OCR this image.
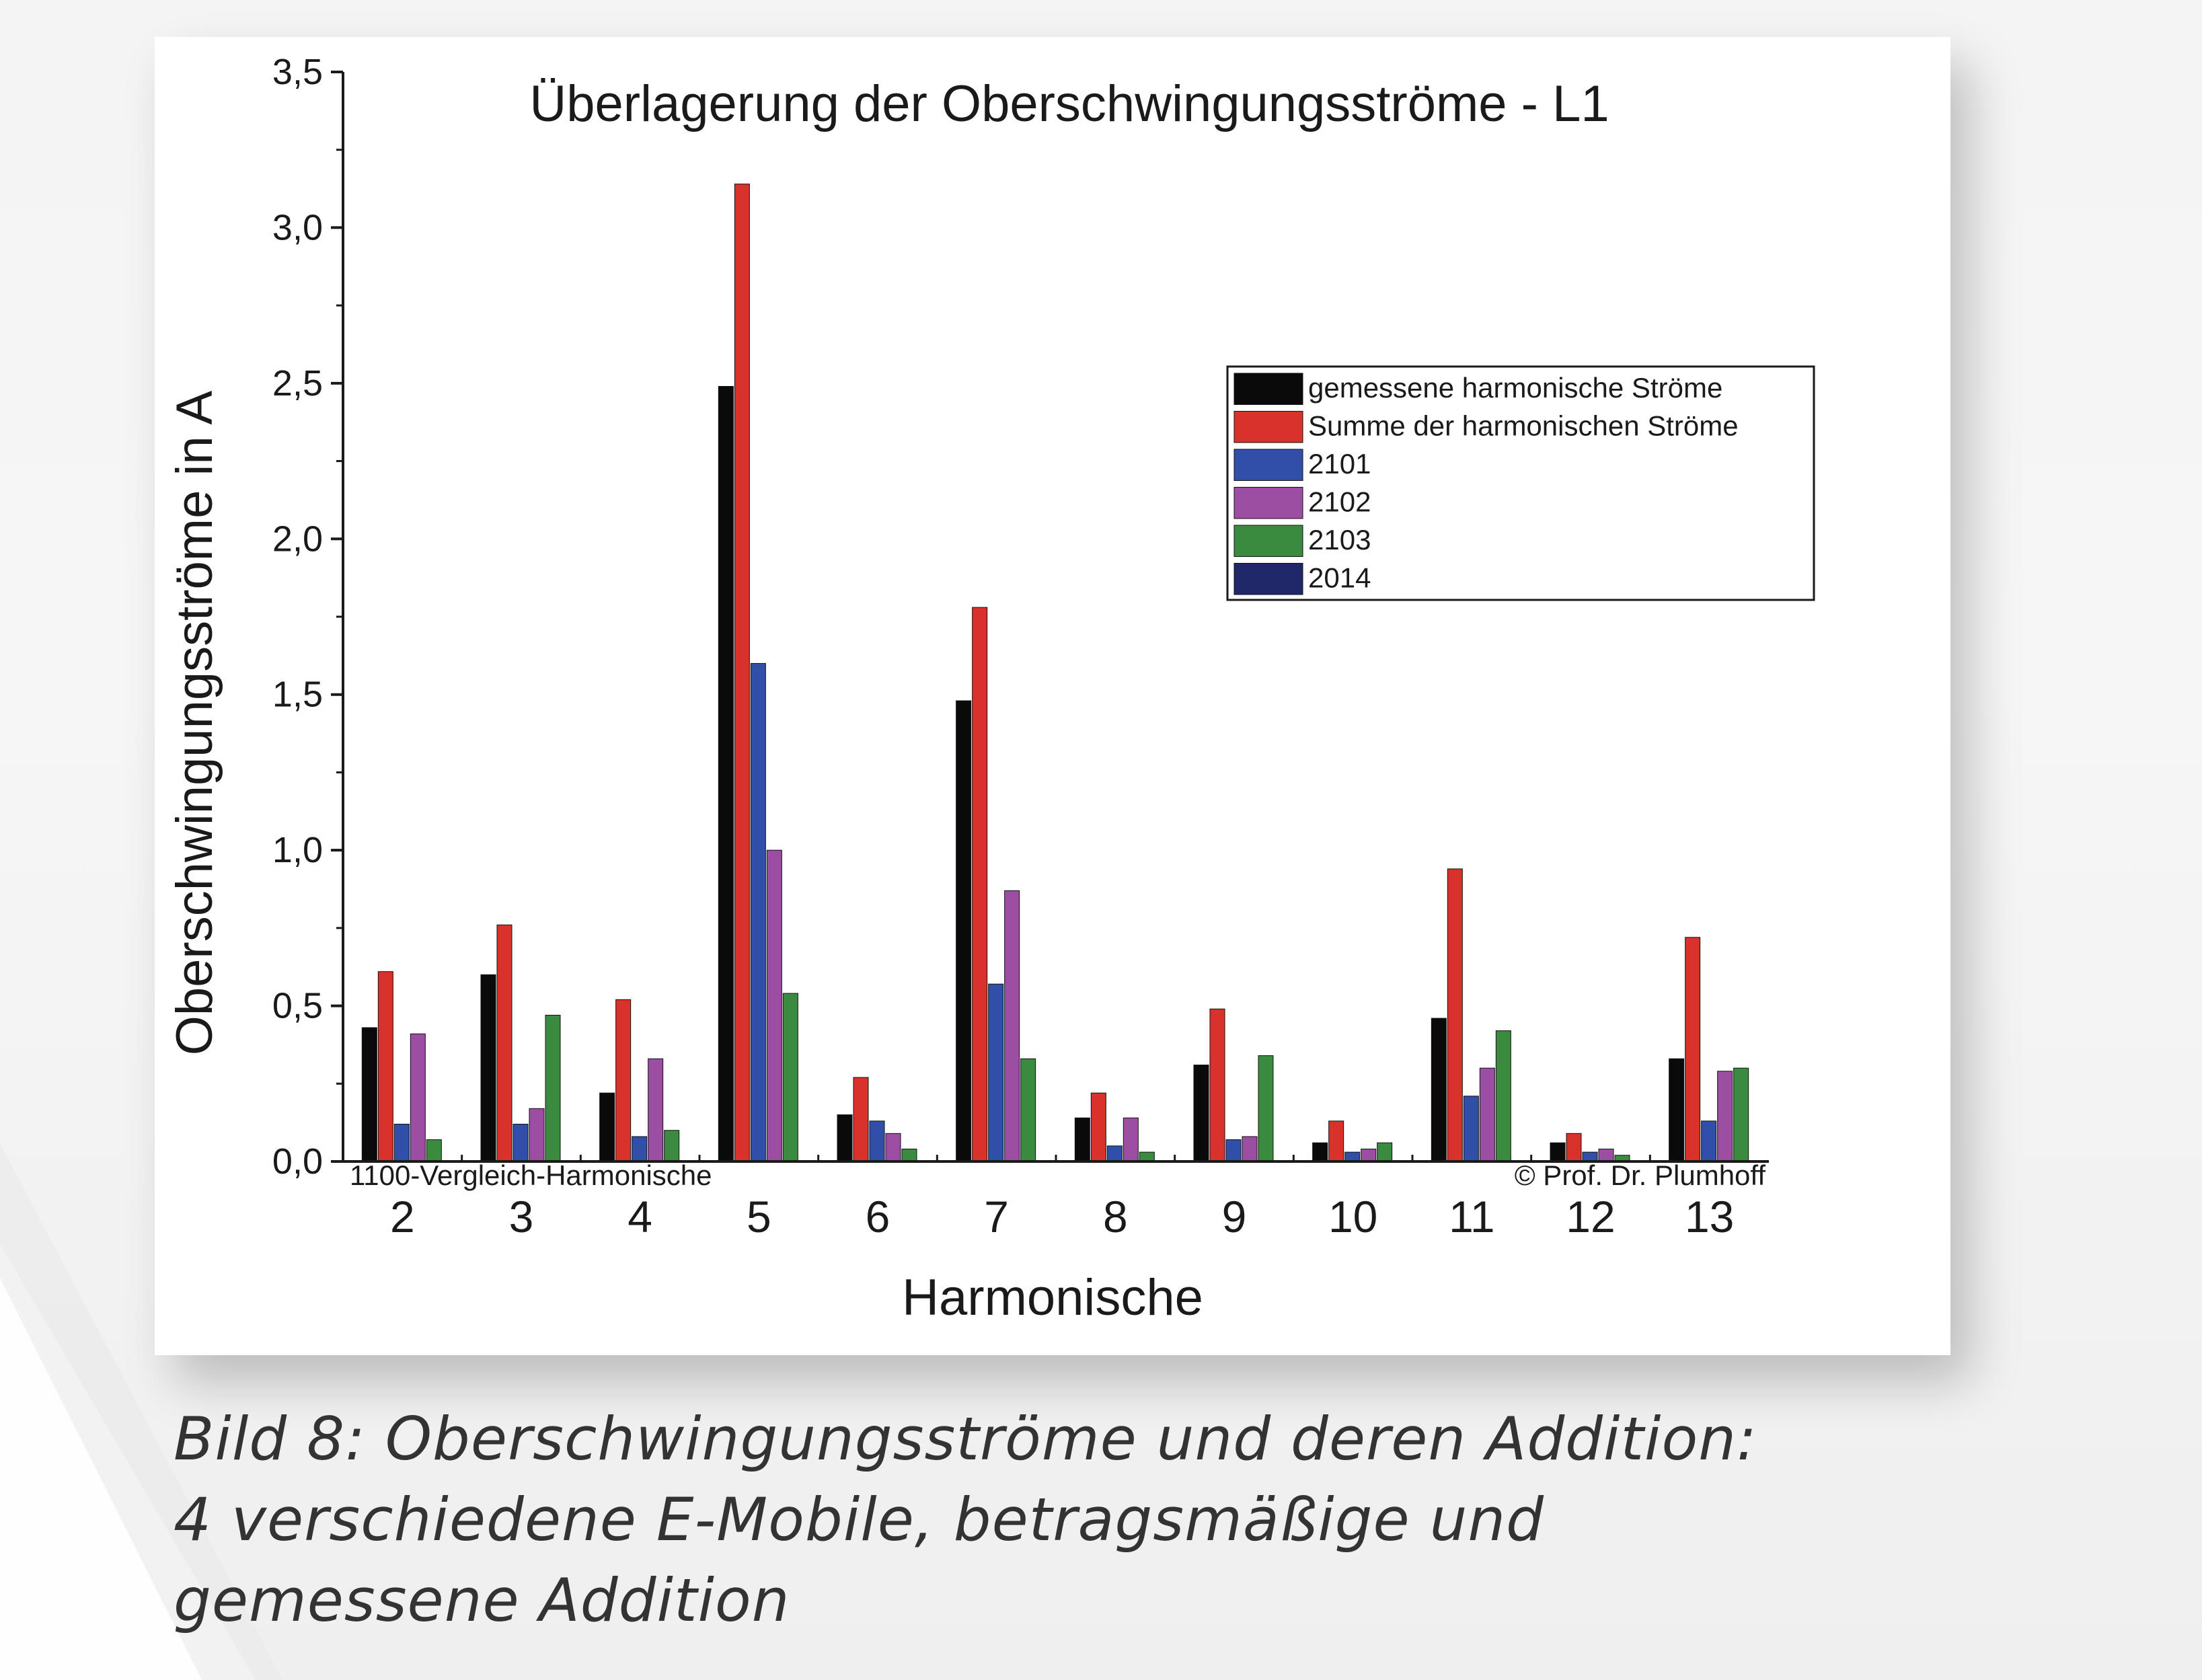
Überlagerung der Oberschwingungsströme - L1
Oberschwingungsströme in A
Harmonische
0,0
0,5
1,0
1,5
2,0
2,5
3,0
3,5
2 3 4 5 6 7 8 9 10 11 12 13
1100-Vergleich-Harmonische	© Prof. Dr. Plumhoff
gemessene harmonische Ströme
Summe der harmonischen Ströme
2101
2102
2103
2014
Bild 8: Oberschwingungsströme und deren Addition:
4 verschiedene E-Mobile, betragsmäßige und
gemessene Addition
